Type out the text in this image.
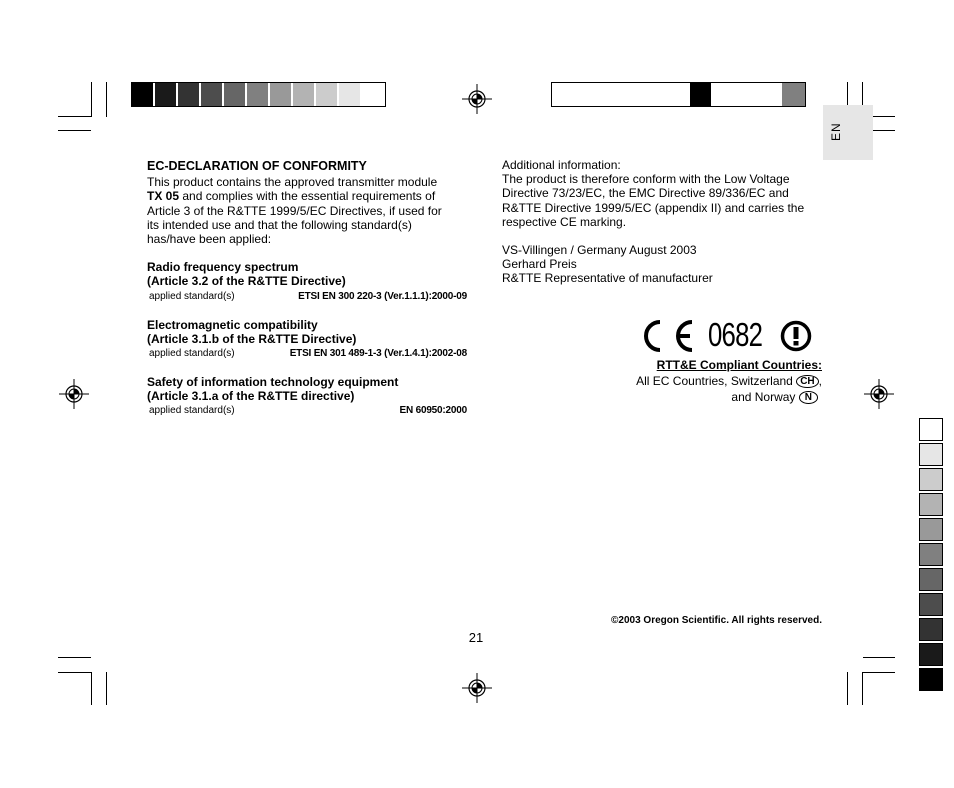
EN

EC-DECLARATION OF CONFORMITY

This product contains the approved transmitter module

TX 05 and complies with the essential requirements of

Article 3 of the R&TTE 1999/5/EC Directives, if used for

its intended use and that the following standard(s)

has/have been applied:

Radio frequency spectrum

(Article 3.2 of the R&TTE Directive)

applied standard(s)	ETSI EN 300 220-3 (Ver.1.1.1):2000-09

Electromagnetic compatibility

(Article 3.1.b of the R&TTE Directive)

applied standard(s)	ETSI EN 301 489-1-3 (Ver.1.4.1):2002-08

Safety of information technology equipment

(Article 3.1.a of the R&TTE directive)

applied standard(s)	EN 60950:2000

Additional information:

The product is therefore conform with the Low Voltage

Directive 73/23/EC, the EMC Directive 89/336/EC and

R&TTE Directive 1999/5/EC (appendix II) and carries the

respective CE marking.

VS-Villingen / Germany August 2003

Gerhard Preis

R&TTE Representative of manufacturer

0682
RTT&E Compliant Countries:
All EC Countries, Switzerland CH ,
and Norway N
©2003 Oregon Scientific. All rights reserved.
21
